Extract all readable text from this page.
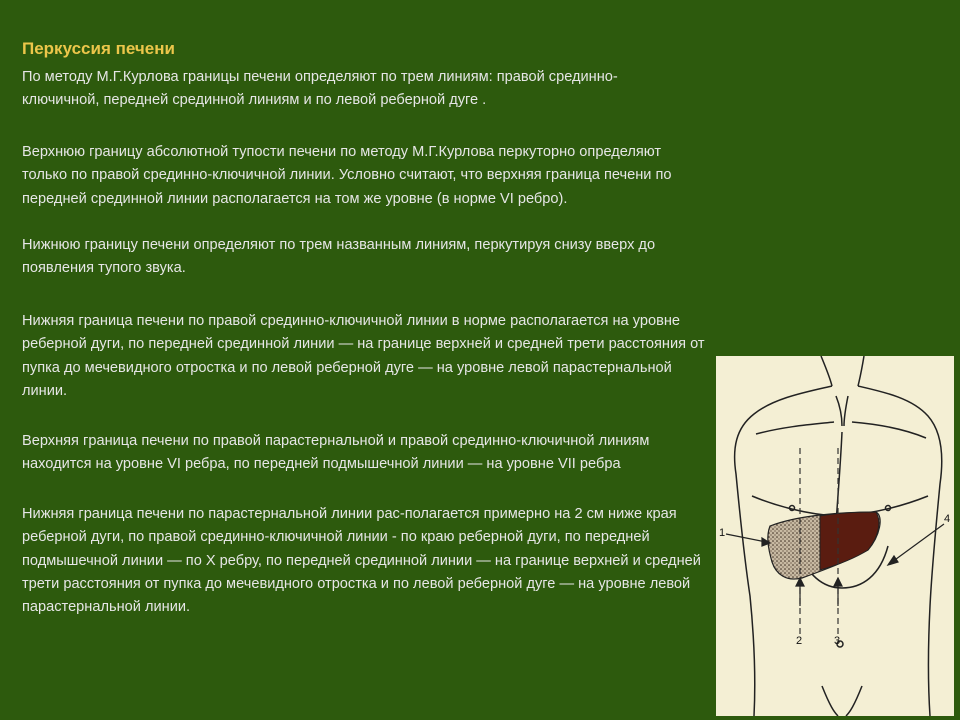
Перкуссия печени

По методу М.Г.Курлова границы печени определяют по трем линиям: правой срединно- ключичной, передней срединной линиям и по левой реберной дуге .

Верхнюю границу абсолютной тупости печени по методу М.Г.Курлова перкуторно определяют только по правой срединно-ключичной линии. Условно считают, что верхняя граница печени по передней срединной линии располагается на том же уровне (в норме VI ребро).

Нижнюю границу печени определяют по трем названным линиям, перкутируя снизу вверх до появления тупого звука.

Нижняя граница печени по правой срединно-ключичной линии в норме располагается на уровне реберной дуги, по передней срединной линии — на границе верхней и средней трети расстояния от пупка до мечевидного отростка и по левой реберной дуге — на уровне левой парастернальной линии.

Верхняя граница печени по правой парастернальной и правой срединно-ключичной линиям находится на уровне VI ребра, по передней подмышечной линии — на уровне VII ребра

Нижняя граница печени по парастернальной линии рас-полагается примерно на 2 см ниже края реберной дуги, по правой срединно-ключичной линии - по краю реберной дуги, по передней подмышечной линии — по X ребру, по передней срединной линии — на границе верхней и средней трети расстояния от пупка до мечевидного отростка и по левой реберной дуге — на уровне левой парастернальной линии.

1
2	3
4
